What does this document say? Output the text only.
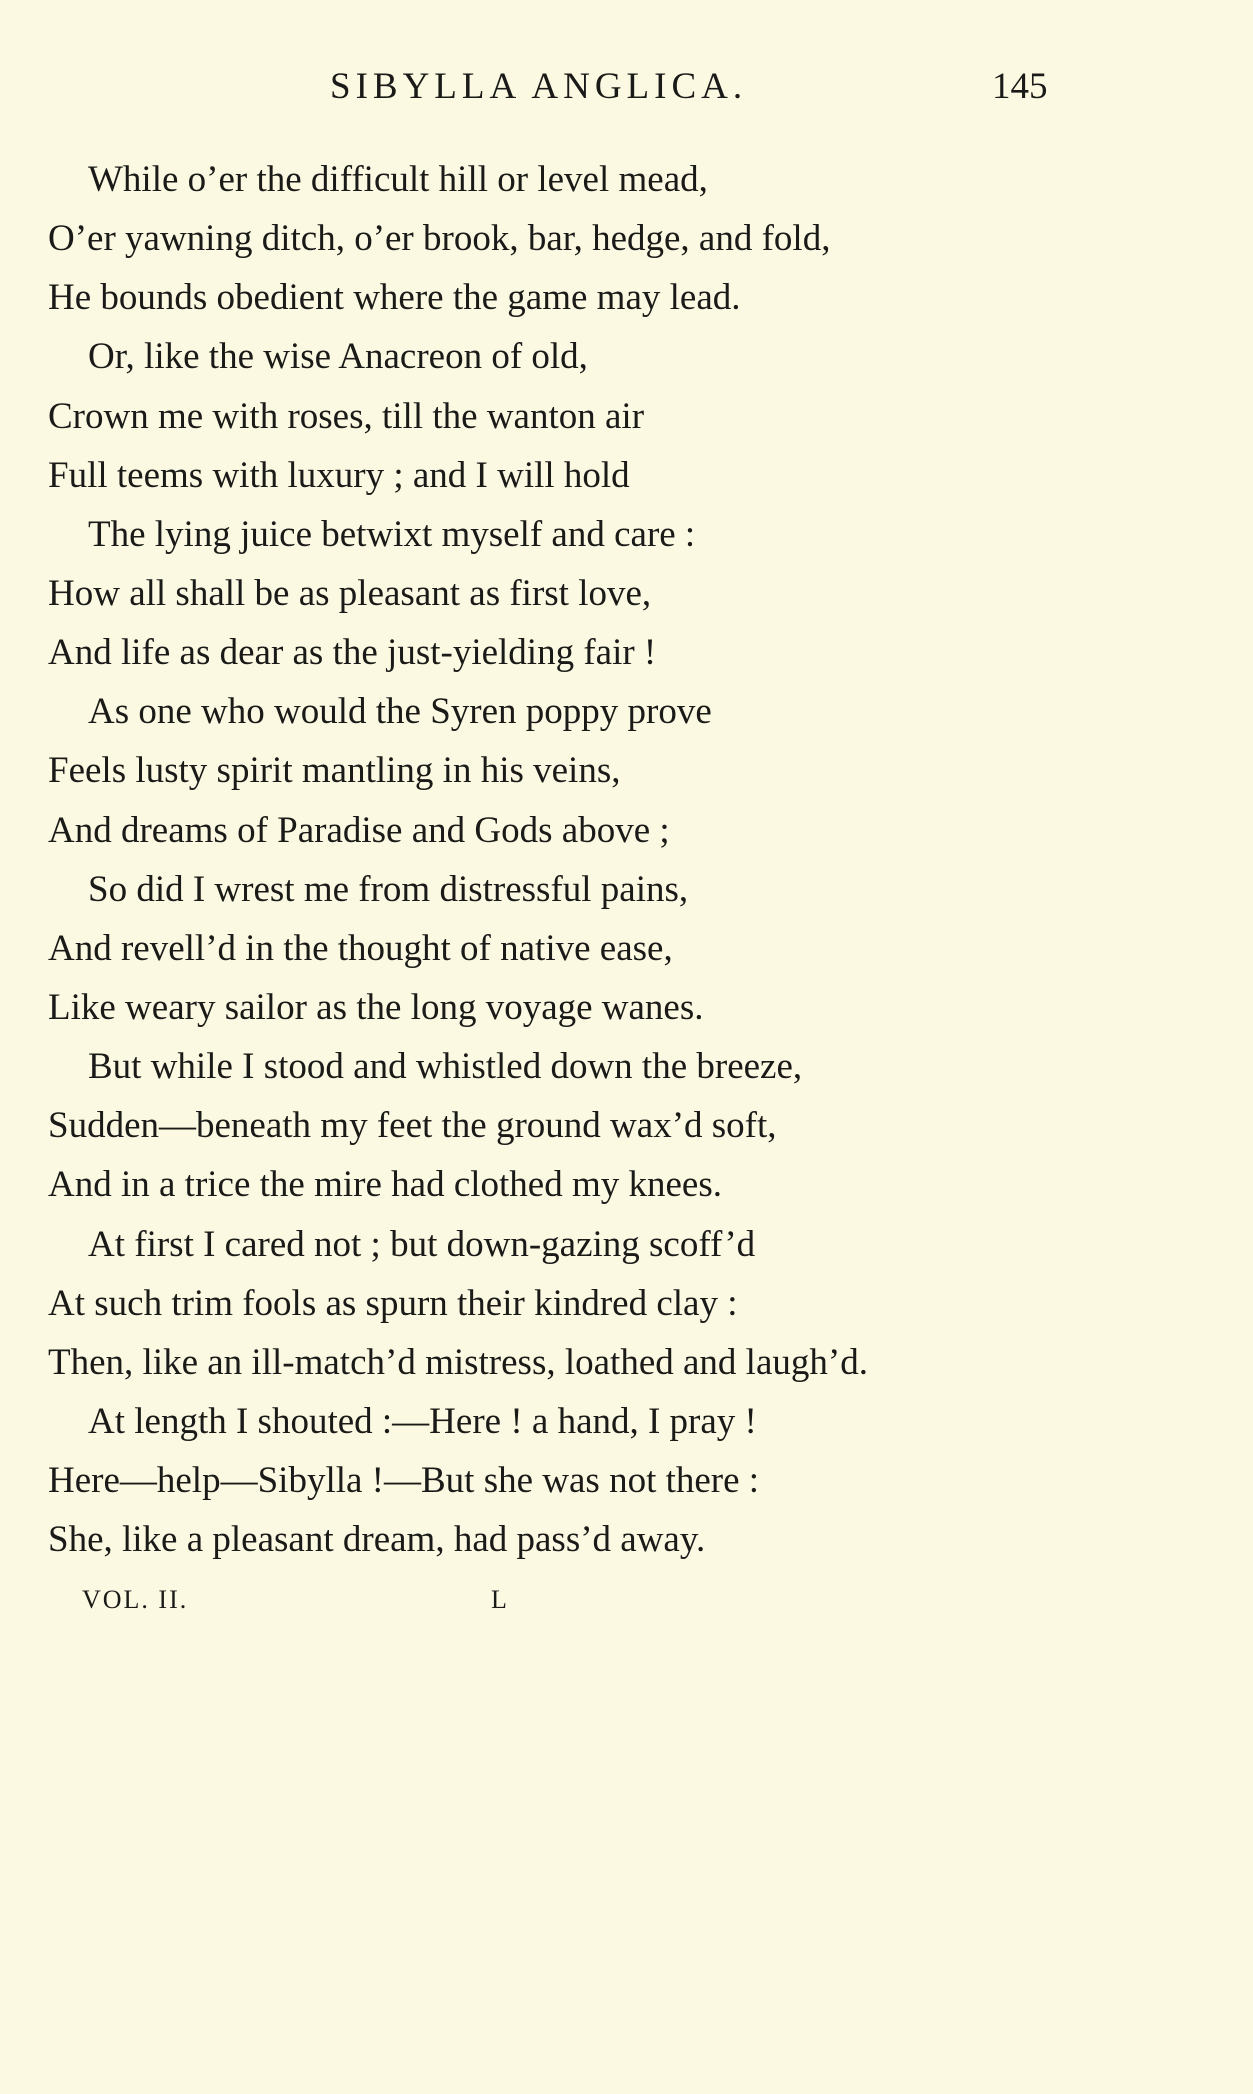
SIBYLLA ANGLICA.	145
While o’er the difficult hill or level mead,
O’er yawning ditch, o’er brook, bar, hedge, and fold,
He bounds obedient where the game may lead.
Or, like the wise Anacreon of old,
Crown me with roses, till the wanton air
Full teems with luxury ; and I will hold
The lying juice betwixt myself and care :
How all shall be as pleasant as first love,
And life as dear as the just-yielding fair !
As one who would the Syren poppy prove
Feels lusty spirit mantling in his veins,
And dreams of Paradise and Gods above ;
So did I wrest me from distressful pains,
And revell’d in the thought of native ease,
Like weary sailor as the long voyage wanes.
But while I stood and whistled down the breeze,
Sudden—beneath my feet the ground wax’d soft,
And in a trice the mire had clothed my knees.
At first I cared not ; but down-gazing scoff’d
At such trim fools as spurn their kindred clay :
Then, like an ill-match’d mistress, loathed and laugh’d.
At length I shouted :—Here ! a hand, I pray !
Here—help—Sibylla !—But she was not there :
She, like a pleasant dream, had pass’d away.
VOL. II.	L
